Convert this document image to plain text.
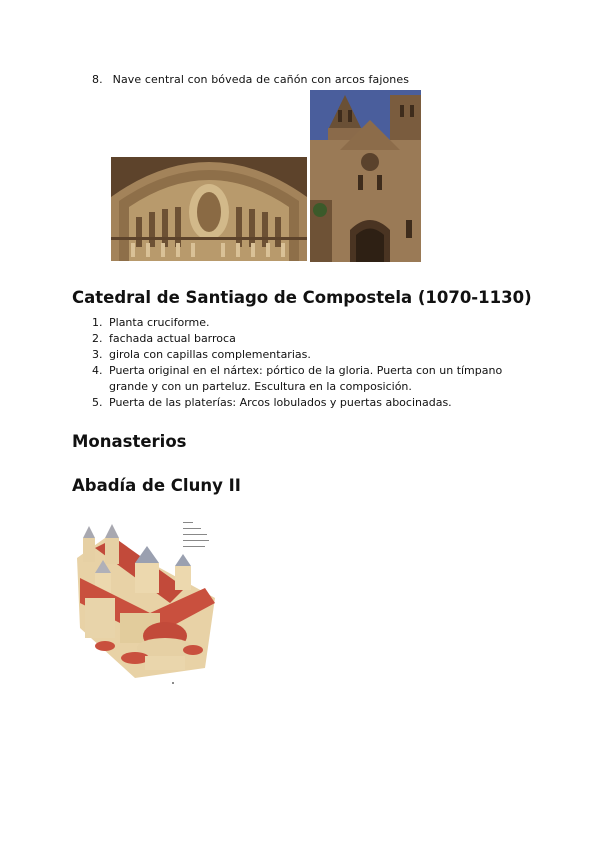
8. Nave central con bóveda de cañón con arcos fajones
Catedral de Santiago de Compostela (1070-1130)
1. Planta cruciforme.
2. fachada actual barroca
3. girola con capillas complementarias.
4. Puerta original en el nártex: pórtico de la gloria. Puerta con un tímpano grande y con un parteluz. Escultura en la composición.
5. Puerta de las platerías: Arcos lobulados y puertas abocinadas.
Monasterios
Abadía de Cluny II
